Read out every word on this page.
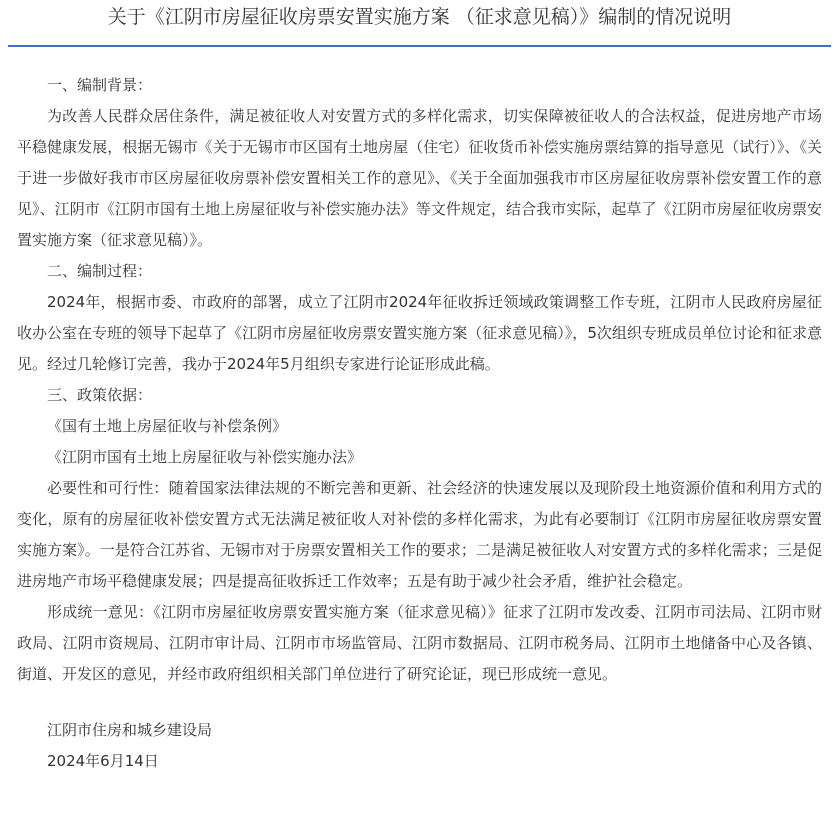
关于《江阴市房屋征收房票安置实施方案 （征求意见稿）》编制的情况说明

一、编制背景：

为改善人民群众居住条件，满足被征收人对安置方式的多样化需求，切实保障被征收人的合法权益，促进房地产市场平稳健康发展，根据无锡市《关于无锡市市区国有土地房屋（住宅）征收货币补偿实施房票结算的指导意见（试行）》、《关于进一步做好我市市区房屋征收房票补偿安置相关工作的意见》、《关于全面加强我市市区房屋征收房票补偿安置工作的意见》、江阴市《江阴市国有土地上房屋征收与补偿实施办法》等文件规定，结合我市实际，起草了《江阴市房屋征收房票安置实施方案（征求意见稿）》。

二、编制过程：

2024年，根据市委、市政府的部署，成立了江阴市2024年征收拆迁领域政策调整工作专班，江阴市人民政府房屋征收办公室在专班的领导下起草了《江阴市房屋征收房票安置实施方案（征求意见稿）》，5次组织专班成员单位讨论和征求意见。经过几轮修订完善，我办于2024年5月组织专家进行论证形成此稿。

三、政策依据：

《国有土地上房屋征收与补偿条例》

《江阴市国有土地上房屋征收与补偿实施办法》

必要性和可行性：随着国家法律法规的不断完善和更新、社会经济的快速发展以及现阶段土地资源价值和利用方式的变化，原有的房屋征收补偿安置方式无法满足被征收人对补偿的多样化需求，为此有必要制订《江阴市房屋征收房票安置实施方案》。一是符合江苏省、无锡市对于房票安置相关工作的要求；二是满足被征收人对安置方式的多样化需求；三是促进房地产市场平稳健康发展；四是提高征收拆迁工作效率；五是有助于减少社会矛盾，维护社会稳定。

形成统一意见：《江阴市房屋征收房票安置实施方案（征求意见稿）》征求了江阴市发改委、江阴市司法局、江阴市财政局、江阴市资规局、江阴市审计局、江阴市市场监管局、江阴市数据局、江阴市税务局、江阴市土地储备中心及各镇、街道、开发区的意见，并经市政府组织相关部门单位进行了研究论证，现已形成统一意见。

江阴市住房和城乡建设局

2024年6月14日
